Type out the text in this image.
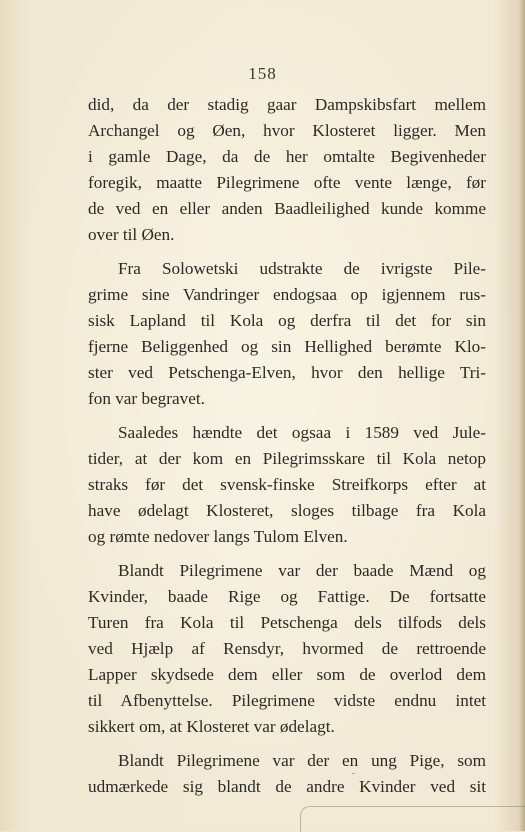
158
did, da der stadig gaar Dampskibsfart mellem
Archangel og Øen, hvor Klosteret ligger. Men
i gamle Dage, da de her omtalte Begivenheder
foregik, maatte Pilegrimene ofte vente længe, før
de ved en eller anden Baadleilighed kunde komme
over til Øen.
Fra Solowetski udstrakte de ivrigste Pile-
grime sine Vandringer endogsaa op igjennem rus-
sisk Lapland til Kola og derfra til det for sin
fjerne Beliggenhed og sin Hellighed berømte Klo-
ster ved Petschenga-Elven, hvor den hellige Tri-
fon var begravet.
Saaledes hændte det ogsaa i 1589 ved Jule-
tider, at der kom en Pilegrimsskare til Kola netop
straks før det svensk-finske Streifkorps efter at
have ødelagt Klosteret, sloges tilbage fra Kola
og rømte nedover langs Tulom Elven.
Blandt Pilegrimene var der baade Mænd og
Kvinder, baade Rige og Fattige. De fortsatte
Turen fra Kola til Petschenga dels tilfods dels
ved Hjælp af Rensdyr, hvormed de rettroende
Lapper skydsede dem eller som de overlod dem
til Afbenyttelse. Pilegrimene vidste endnu intet
sikkert om, at Klosteret var ødelagt.
Blandt Pilegrimene var der en ung Pige, som
udmærkede sig blandt de andre Kvinder ved sit
